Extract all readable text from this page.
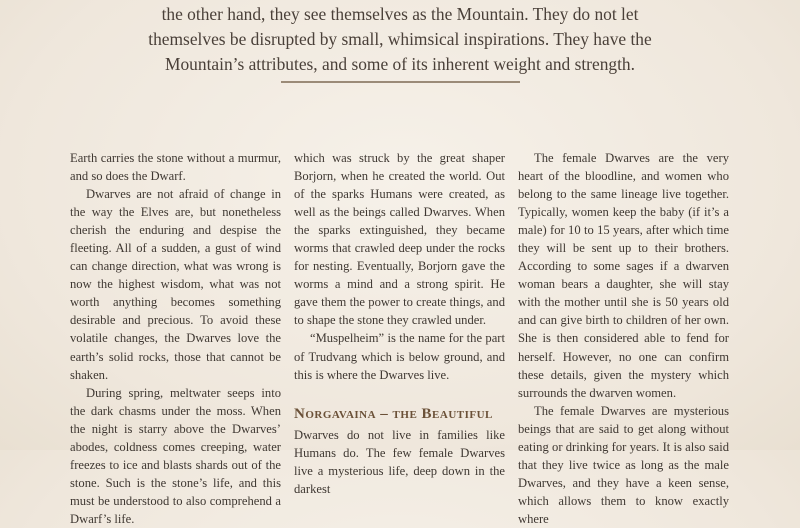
the other hand, they see themselves as the Mountain. They do not let
themselves be disrupted by small, whimsical inspirations. They have the
Mountain’s attributes, and some of its inherent weight and strength.

Earth carries the stone without a murmur, and so does the Dwarf.

Dwarves are not afraid of change in the way the Elves are, but nonetheless cherish the enduring and despise the fleeting. All of a sudden, a gust of wind can change direction, what was wrong is now the highest wisdom, what was not worth anything becomes something desirable and precious. To avoid these volatile changes, the Dwarves love the earth’s solid rocks, those that cannot be shaken.

During spring, meltwater seeps into the dark chasms under the moss. When the night is starry above the Dwarves’ abodes, coldness comes creeping, water freezes to ice and blasts shards out of the stone. Such is the stone’s life, and this must be understood to also comprehend a Dwarf’s life.

which was struck by the great shaper Borjorn, when he created the world. Out of the sparks Humans were created, as well as the beings called Dwarves. When the sparks extinguished, they became worms that crawled deep under the rocks for nesting. Eventually, Borjorn gave the worms a mind and a strong spirit. He gave them the power to create things, and to shape the stone they crawled under.

“Muspelheim” is the name for the part of Trudvang which is below ground, and this is where the Dwarves live.

Norgavaina – the Beautiful

Dwarves do not live in families like Humans do. The few female Dwarves live a mysterious life, deep down in the darkest

The female Dwarves are the very heart of the bloodline, and women who belong to the same lineage live together. Typically, women keep the baby (if it’s a male) for 10 to 15 years, after which time they will be sent up to their brothers. According to some sages if a dwarven woman bears a daughter, she will stay with the mother until she is 50 years old and can give birth to children of her own. She is then considered able to fend for herself. However, no one can confirm these details, given the mystery which surrounds the dwarven women.

The female Dwarves are mysterious beings that are said to get along without eating or drinking for years. It is also said that they live twice as long as the male Dwarves, and they have a keen sense, which allows them to know exactly where
